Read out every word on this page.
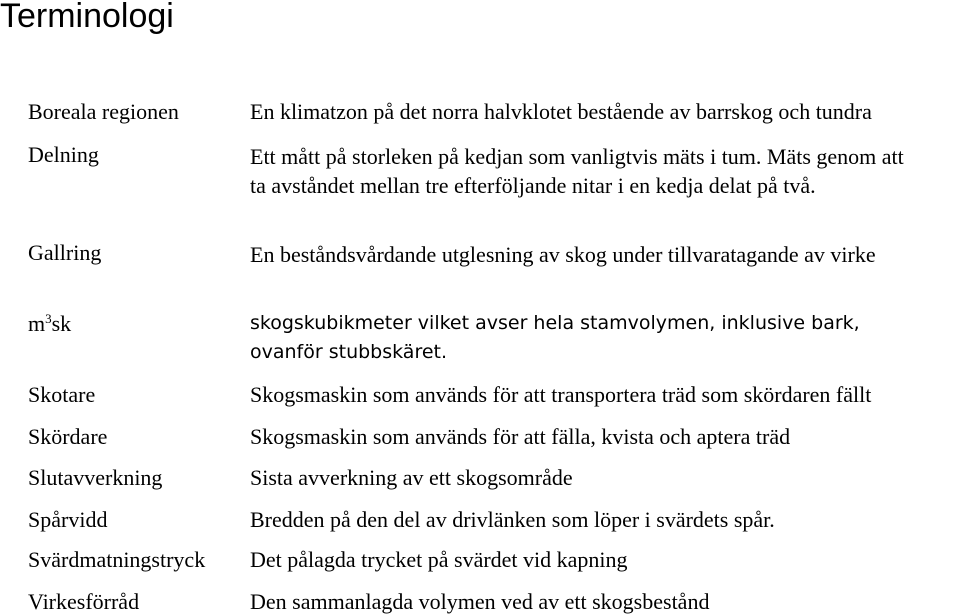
Terminologi
Boreala regionen	En klimatzon på det norra halvklotet bestående av barrskog och tundra
Delning	Ett mått på storleken på kedjan som vanligtvis mäts i tum. Mäts genom att ta avståndet mellan tre efterföljande nitar i en kedja delat på två.
Gallring	En beståndsvårdande utglesning av skog under tillvaratagande av virke
$m^3sk$	skogskubikmeter vilket avser hela stamvolymen, inklusive bark, ovanför stubbskäret.
Skotare	Skogsmaskin som används för att transportera träd som skördaren fällt
Skördare	Skogsmaskin som används för att fälla, kvista och aptera träd
Slutavverkning	Sista avverkning av ett skogsområde
Spårvidd	Bredden på den del av drivlänken som löper i svärdets spår.
Svärdmatningstryck	Det pålagda trycket på svärdet vid kapning
Virkesförråd	Den sammanlagda volymen ved av ett skogsbestånd
